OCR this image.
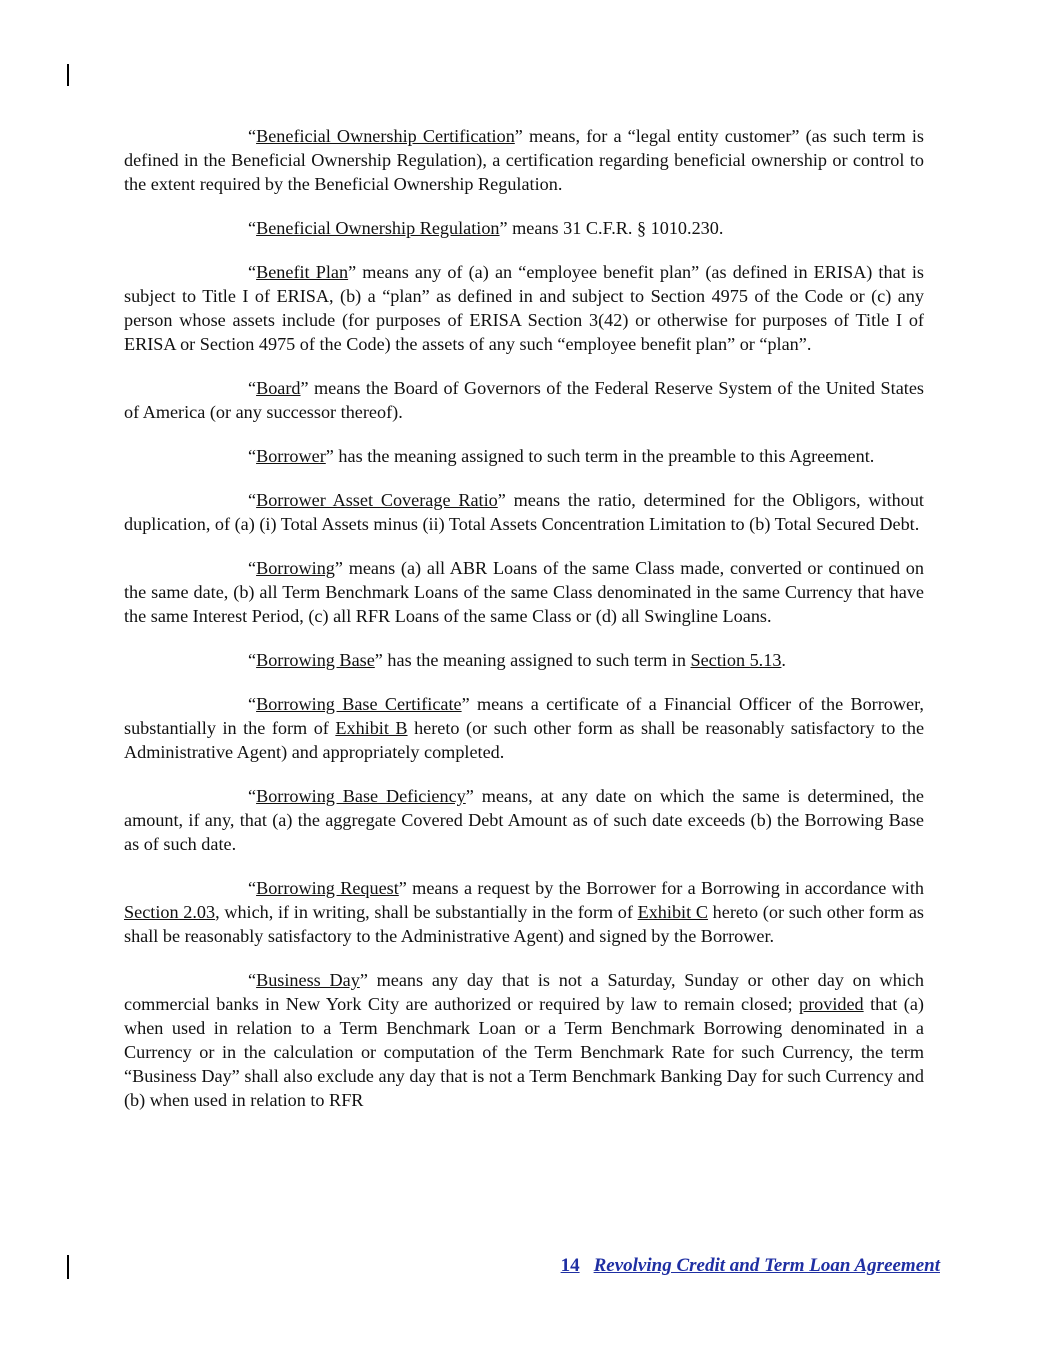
“Beneficial Ownership Certification” means, for a “legal entity customer” (as such term is defined in the Beneficial Ownership Regulation), a certification regarding beneficial ownership or control to the extent required by the Beneficial Ownership Regulation.

“Beneficial Ownership Regulation” means 31 C.F.R. § 1010.230.

“Benefit Plan” means any of (a) an “employee benefit plan” (as defined in ERISA) that is subject to Title I of ERISA, (b) a “plan” as defined in and subject to Section 4975 of the Code or (c) any person whose assets include (for purposes of ERISA Section 3(42) or otherwise for purposes of Title I of ERISA or Section 4975 of the Code) the assets of any such “employee benefit plan” or “plan”.

“Board” means the Board of Governors of the Federal Reserve System of the United States of America (or any successor thereof).

“Borrower” has the meaning assigned to such term in the preamble to this Agreement.

“Borrower Asset Coverage Ratio” means the ratio, determined for the Obligors, without duplication, of (a) (i) Total Assets minus (ii) Total Assets Concentration Limitation to (b) Total Secured Debt.

“Borrowing” means (a) all ABR Loans of the same Class made, converted or continued on the same date, (b) all Term Benchmark Loans of the same Class denominated in the same Currency that have the same Interest Period, (c) all RFR Loans of the same Class or (d) all Swingline Loans.

“Borrowing Base” has the meaning assigned to such term in Section 5.13.

“Borrowing Base Certificate” means a certificate of a Financial Officer of the Borrower, substantially in the form of Exhibit B hereto (or such other form as shall be reasonably satisfactory to the Administrative Agent) and appropriately completed.

“Borrowing Base Deficiency” means, at any date on which the same is determined, the amount, if any, that (a) the aggregate Covered Debt Amount as of such date exceeds (b) the Borrowing Base as of such date.

“Borrowing Request” means a request by the Borrower for a Borrowing in accordance with Section 2.03, which, if in writing, shall be substantially in the form of Exhibit C hereto (or such other form as shall be reasonably satisfactory to the Administrative Agent) and signed by the Borrower.

“Business Day” means any day that is not a Saturday, Sunday or other day on which commercial banks in New York City are authorized or required by law to remain closed; provided that (a) when used in relation to a Term Benchmark Loan or a Term Benchmark Borrowing denominated in a Currency or in the calculation or computation of the Term Benchmark Rate for such Currency, the term “Business Day” shall also exclude any day that is not a Term Benchmark Banking Day for such Currency and (b) when used in relation to RFR

14 Revolving Credit and Term Loan Agreement
